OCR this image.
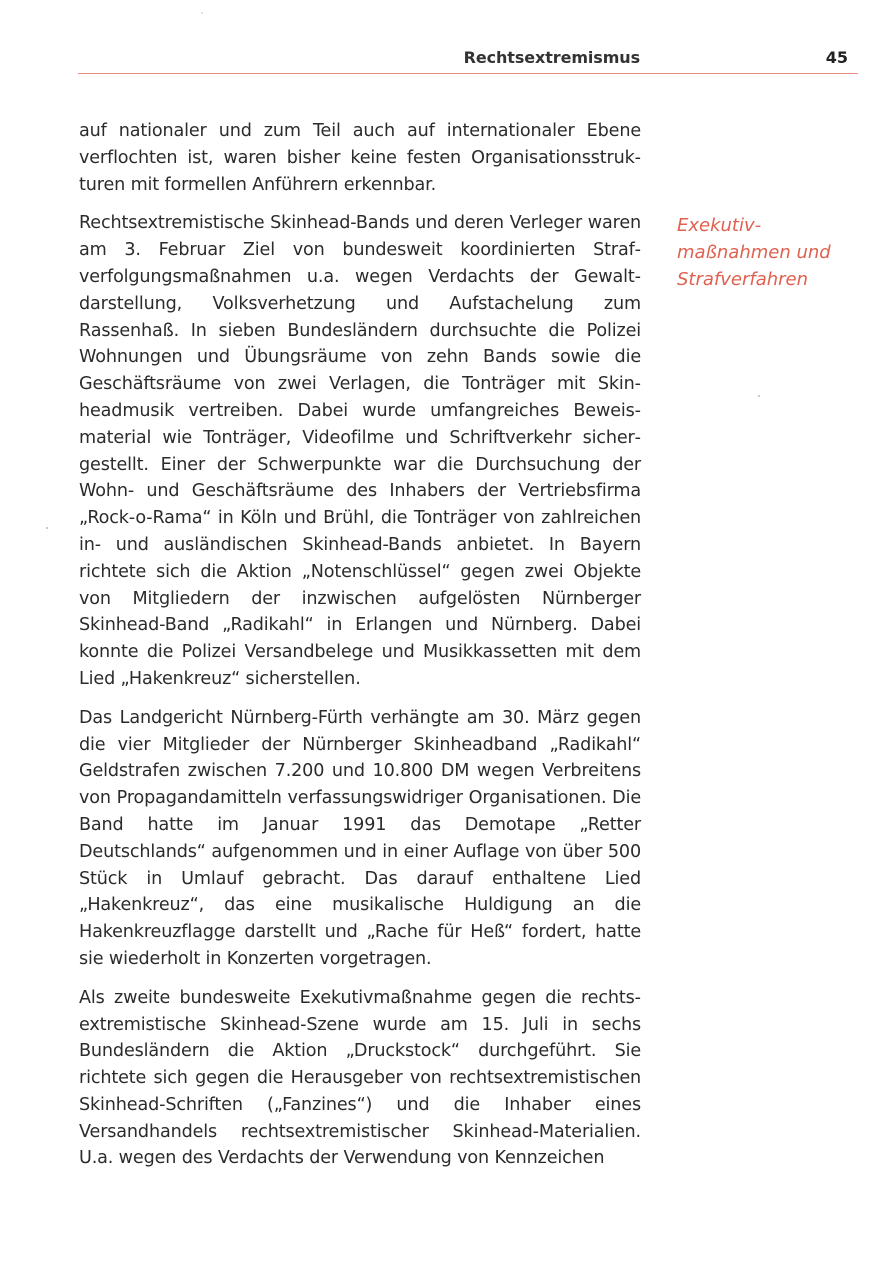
Rechtsextremismus	45

auf nationaler und zum Teil auch auf internationaler Ebene verflochten ist, waren bisher keine festen Organisationsstrukturen mit formellen Anführern erkennbar.

Rechtsextremistische Skinhead-Bands und deren Verleger waren am 3. Februar Ziel von bundesweit koordinierten Strafverfolgungsmaßnahmen u.a. wegen Verdachts der Gewaltdarstellung, Volksverhetzung und Aufstachelung zum Rassenhaß. In sieben Bundesländern durchsuchte die Polizei Wohnungen und Übungsräume von zehn Bands sowie die Geschäftsräume von zwei Verlagen, die Tonträger mit Skinheadmusik vertreiben. Dabei wurde umfangreiches Beweismaterial wie Tonträger, Videofilme und Schriftverkehr sichergestellt. Einer der Schwerpunkte war die Durchsuchung der Wohn- und Geschäftsräume des Inhabers der Vertriebsfirma „Rock-o-Rama“ in Köln und Brühl, die Tonträger von zahlreichen in- und ausländischen Skinhead-Bands anbietet. In Bayern richtete sich die Aktion „Notenschlüssel“ gegen zwei Objekte von Mitgliedern der inzwischen aufgelösten Nürnberger Skinhead-Band „Radikahl“ in Erlangen und Nürnberg. Dabei konnte die Polizei Versandbelege und Musikkassetten mit dem Lied „Hakenkreuz“ sicherstellen.

Das Landgericht Nürnberg-Fürth verhängte am 30. März gegen die vier Mitglieder der Nürnberger Skinheadband „Radikahl“ Geldstrafen zwischen 7.200 und 10.800 DM wegen Verbreitens von Propagandamitteln verfassungswidriger Organisationen. Die Band hatte im Januar 1991 das Demotape „Retter Deutschlands“ aufgenommen und in einer Auflage von über 500 Stück in Umlauf gebracht. Das darauf enthaltene Lied „Hakenkreuz“, das eine musikalische Huldigung an die Hakenkreuzflagge darstellt und „Rache für Heß“ fordert, hatte sie wiederholt in Konzerten vorgetragen.

Als zweite bundesweite Exekutivmaßnahme gegen die rechtsextremistische Skinhead-Szene wurde am 15. Juli in sechs Bundesländern die Aktion „Druckstock“ durchgeführt. Sie richtete sich gegen die Herausgeber von rechtsextremistischen Skinhead-Schriften („Fanzines“) und die Inhaber eines Versandhandels rechtsextremistischer Skinhead-Materialien. U.a. wegen des Verdachts der Verwendung von Kennzeichen

Exekutiv-
maßnahmen und
Strafverfahren
